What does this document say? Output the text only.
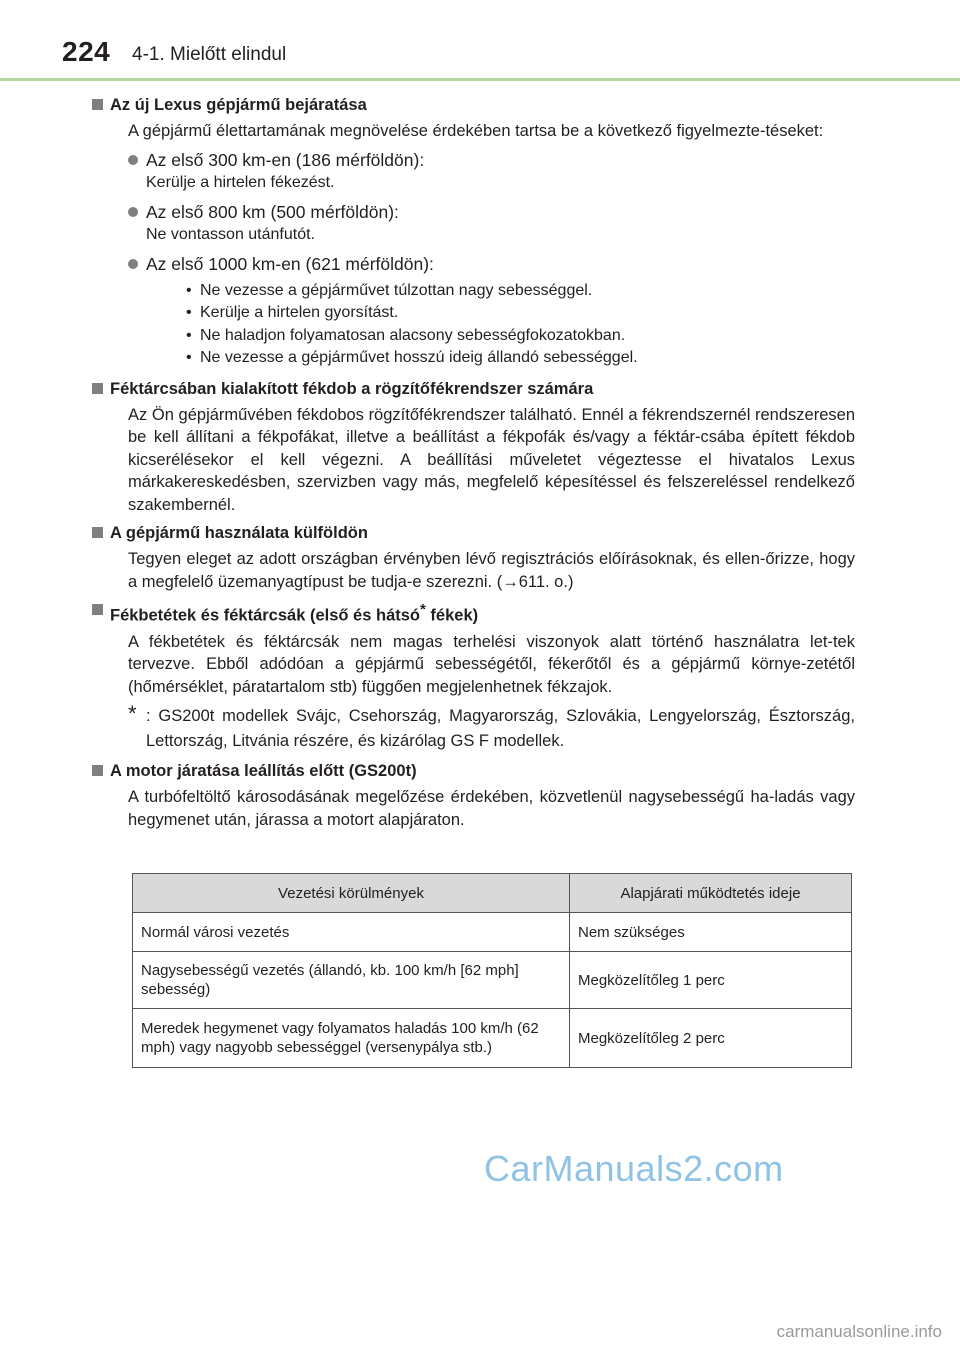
224 4-1. Mielőtt elindul
Az új Lexus gépjármű bejáratása
A gépjármű élettartamának megnövelése érdekében tartsa be a következő figyelmezte-téseket:
Az első 300 km-en (186 mérföldön):
Kerülje a hirtelen fékezést.
Az első 800 km (500 mérföldön):
Ne vontasson utánfutót.
Az első 1000 km-en (621 mérföldön):
• Ne vezesse a gépjárművet túlzottan nagy sebességgel.
• Kerülje a hirtelen gyorsítást.
• Ne haladjon folyamatosan alacsony sebességfokozatokban.
• Ne vezesse a gépjárművet hosszú ideig állandó sebességgel.
Féktárcsában kialakított fékdob a rögzítőfékrendszer számára
Az Ön gépjárművében fékdobos rögzítőfékrendszer található. Ennél a fékrendszernél rendszeresen be kell állítani a fékpofákat, illetve a beállítást a fékpofák és/vagy a féktár-csába épített fékdob kicserélésekor el kell végezni. A beállítási műveletet végeztesse el hivatalos Lexus márkakereskedésben, szervizben vagy más, megfelelő képesítéssel és felszereléssel rendelkező szakembernél.
A gépjármű használata külföldön
Tegyen eleget az adott országban érvényben lévő regisztrációs előírásoknak, és ellen-őrizze, hogy a megfelelő üzemanyagtípust be tudja-e szerezni. (→611. o.)
Fékbetétek és féktárcsák (első és hátsó* fékek)
A fékbetétek és féktárcsák nem magas terhelési viszonyok alatt történő használatra let-tek tervezve. Ebből adódóan a gépjármű sebességétől, fékerőtől és a gépjármű környe-zetétől (hőmérséklet, páratartalom stb) függően megjelenhetnek fékzajok.
* : GS200t modellek Svájc, Csehország, Magyarország, Szlovákia, Lengyelország, Észtország, Lettország, Litvánia részére, és kizárólag GS F modellek.
A motor járatása leállítás előtt (GS200t)
A turbófeltöltő károsodásának megelőzése érdekében, közvetlenül nagysebességű ha-ladás vagy hegymenet után, járassa a motort alapjáraton.
Vezetési körülmények	Alapjárati működtetés ideje
Normál városi vezetés	Nem szükséges
Nagysebességű vezetés (állandó, kb. 100 km/h [62 mph] sebesség)	Megközelítőleg 1 perc
Meredek hegymenet vagy folyamatos haladás 100 km/h (62 mph) vagy nagyobb sebességgel (versenypálya stb.)	Megközelítőleg 2 perc
CarManuals2.com
carmanualsonline.info
